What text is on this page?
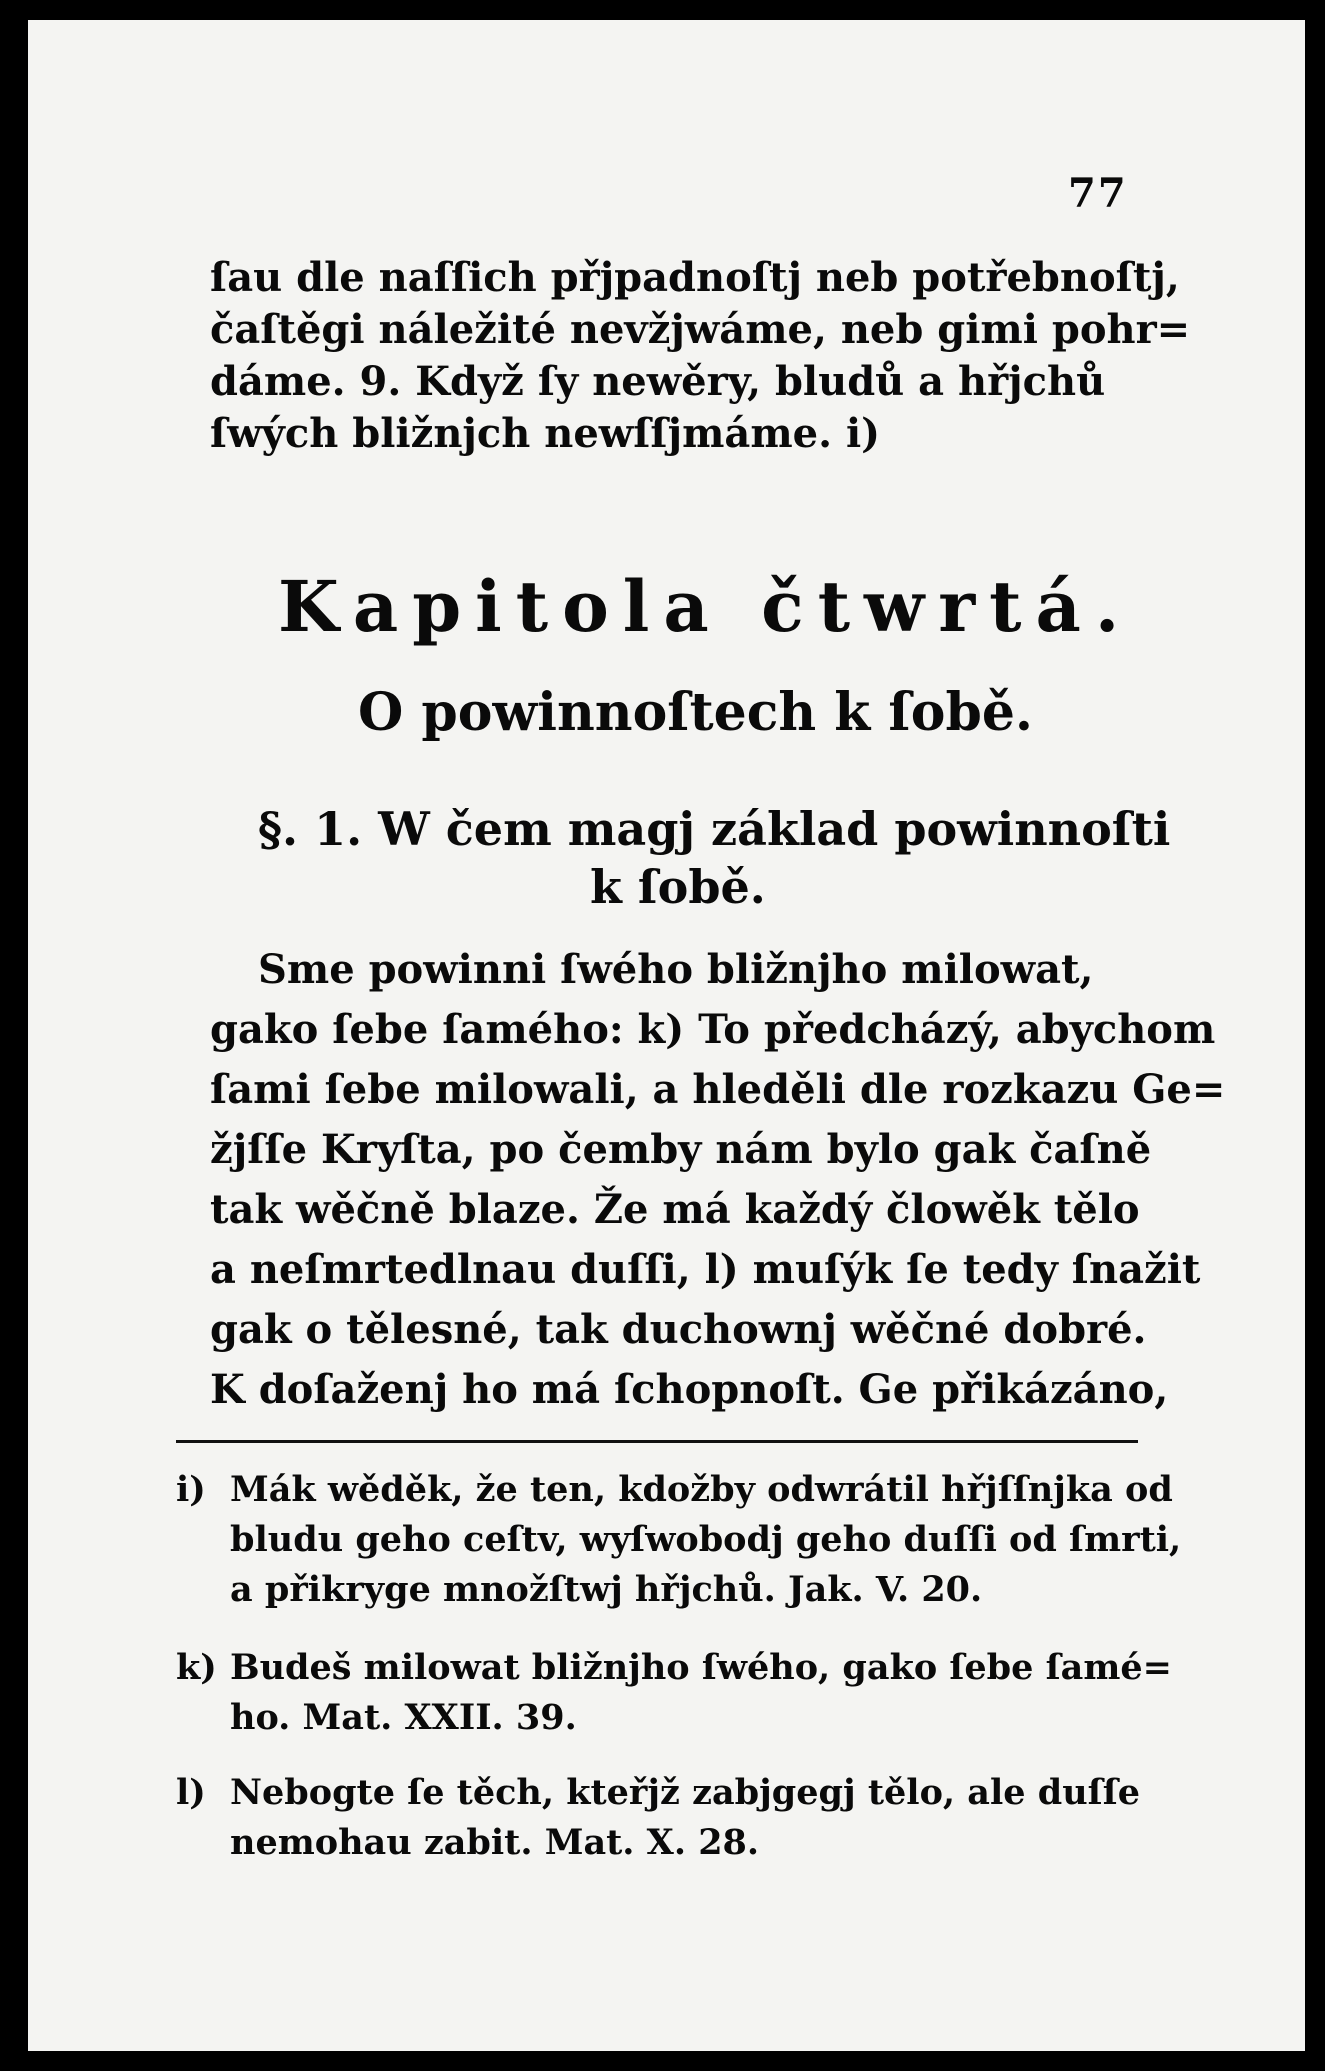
77
ſau dle naſſich přjpadnoſtj neb potřebnoſtj,
čaſtěgi náležité nevžjwáme, neb gimi pohr=
dáme. 9. Když ſy newěry, bludů a hřjchů
ſwých bližnjch newſſjmáme. i)
Kapitola čtwrtá.
O powinnoſtech k ſobě.
§. 1. W čem magj základ powinnoſti
k ſobě.
Sme powinni ſwého bližnjho milowat,
gako ſebe ſamého: k) To předcházý, abychom
ſami ſebe milowali, a hleděli dle rozkazu Ge=
žjſſe Kryſta, po čemby nám bylo gak čaſně
tak wěčně blaze. Že má každý člowěk tělo
a neſmrtedlnau duſſi, l) muſýk ſe tedy ſnažit
gak o tělesné, tak duchownj wěčné dobré.
K doſaženj ho má ſchopnoſt. Ge přikázáno,
i) Mák wěděk, že ten, kdožby odwrátil hřjſſnjka od
bludu geho ceſtv, wyſwobodj geho duſſi od ſmrti,
a přikryge množſtwj hřjchů. Jak. V. 20.
k) Budeš milowat bližnjho ſwého, gako ſebe ſamé=
ho. Mat. XXII. 39.
l) Nebogte ſe těch, kteřjž zabjgegj tělo, ale duſſe
nemohau zabit. Mat. X. 28.
